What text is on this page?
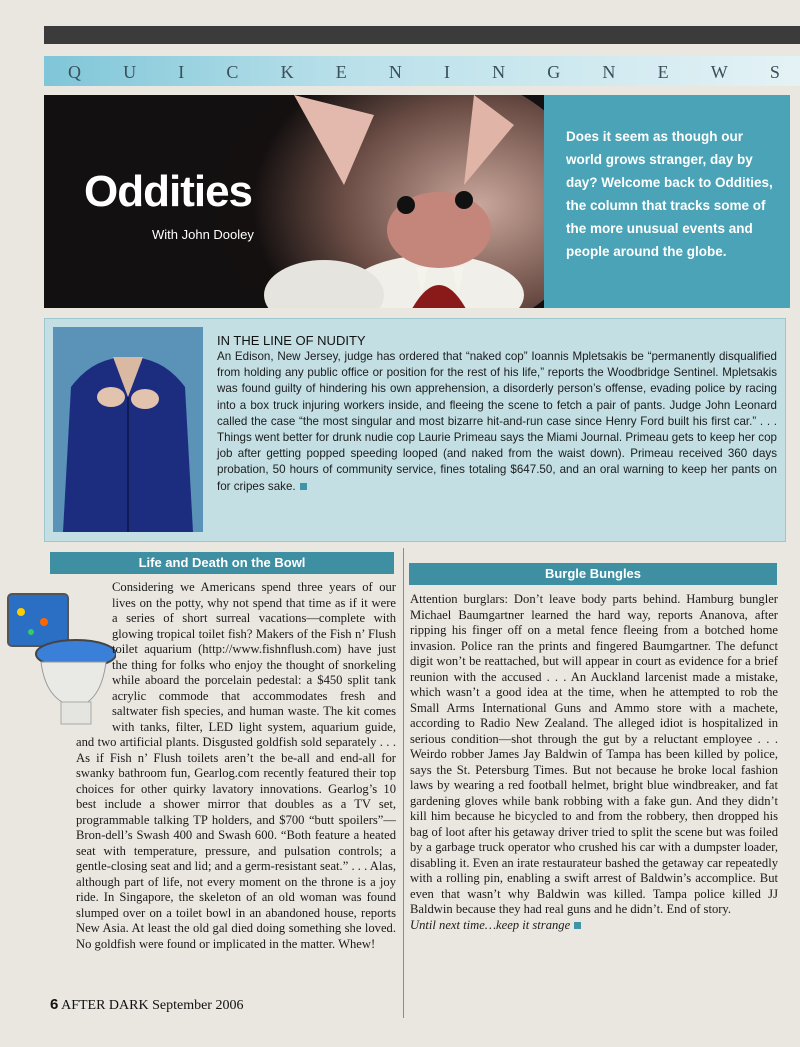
Q U I C K E N I N G N E W S
Oddities
With John Dooley

Does it seem as though our world grows stranger, day by day? Welcome back to Oddities, the column that tracks some of the more unusual events and people around the globe.

IN THE LINE OF NUDITY
An Edison, New Jersey, judge has ordered that “naked cop” Ioannis Mpletsakis be “permanently disqualified from holding any public office or position for the rest of his life,” reports the Woodbridge Sentinel. Mpletsakis was found guilty of hindering his own apprehension, a disorderly person’s offense, evading police by racing into a box truck injuring workers inside, and fleeing the scene to fetch a pair of pants. Judge John Leonard called the case “the most singular and most bizarre hit-and-run case since Henry Ford built his first car.” . . . Things went better for drunk nudie cop Laurie Primeau says the Miami Journal. Primeau gets to keep her cop job after getting popped speeding looped (and naked from the waist down). Primeau received 360 days probation, 50 hours of community service, fines totaling $647.50, and an oral warning to keep her pants on for cripes sake.
Life and Death on the Bowl
Considering we Americans spend three years of our lives on the potty, why not spend that time as if it were a series of short surreal vacations—complete with glowing tropical toilet fish? Makers of the Fish n’ Flush toilet aquarium (http://www.fishnflush.com) have just the thing for folks who enjoy the thought of snorkeling while aboard the porcelain pedestal: a $450 split tank acrylic commode that accommodates fresh and saltwater fish species, and human waste. The kit comes with tanks, filter, LED light system, aquarium guide, and two artificial plants. Disgusted goldfish sold separately . . . As if Fish n’ Flush toilets aren’t the be-all and end-all for swanky bathroom fun, Gearlog.com recently featured their top choices for other quirky lavatory innovations. Gearlog’s 10 best include a shower mirror that doubles as a TV set, programmable talking TP holders, and $700 “butt spoilers”—Bron-dell’s Swash 400 and Swash 600. “Both feature a heated seat with temperature, pressure, and pulsation controls; a gentle-closing seat and lid; and a germ-resistant seat.” . . . Alas, although part of life, not every moment on the throne is a joy ride. In Singapore, the skeleton of an old woman was found slumped over on a toilet bowl in an abandoned house, reports New Asia. At least the old gal died doing something she loved. No goldfish were found or implicated in the matter. Whew!
Burgle Bungles
Attention burglars: Don’t leave body parts behind. Hamburg bungler Michael Baumgartner learned the hard way, reports Ananova, after ripping his finger off on a metal fence fleeing from a botched home invasion. Police ran the prints and fingered Baumgartner. The defunct digit won’t be reattached, but will appear in court as evidence for a brief reunion with the accused . . . An Auckland larcenist made a mistake, which wasn’t a good idea at the time, when he attempted to rob the Small Arms International Guns and Ammo store with a machete, according to Radio New Zealand. The alleged idiot is hospitalized in serious condition—shot through the gut by a reluctant employee . . . Weirdo robber James Jay Baldwin of Tampa has been killed by police, says the St. Petersburg Times. But not because he broke local fashion laws by wearing a red football helmet, bright blue windbreaker, and fat gardening gloves while bank robbing with a fake gun. And they didn’t kill him because he bicycled to and from the robbery, then dropped his bag of loot after his getaway driver tried to split the scene but was foiled by a garbage truck operator who crushed his car with a dumpster loader, disabling it. Even an irate restaurateur bashed the getaway car repeatedly with a rolling pin, enabling a swift arrest of Baldwin’s accomplice. But even that wasn’t why Baldwin was killed. Tampa police killed JJ Baldwin because they had real guns and he didn’t. End of story.
Until next time…keep it strange
6 AFTER DARK September 2006
